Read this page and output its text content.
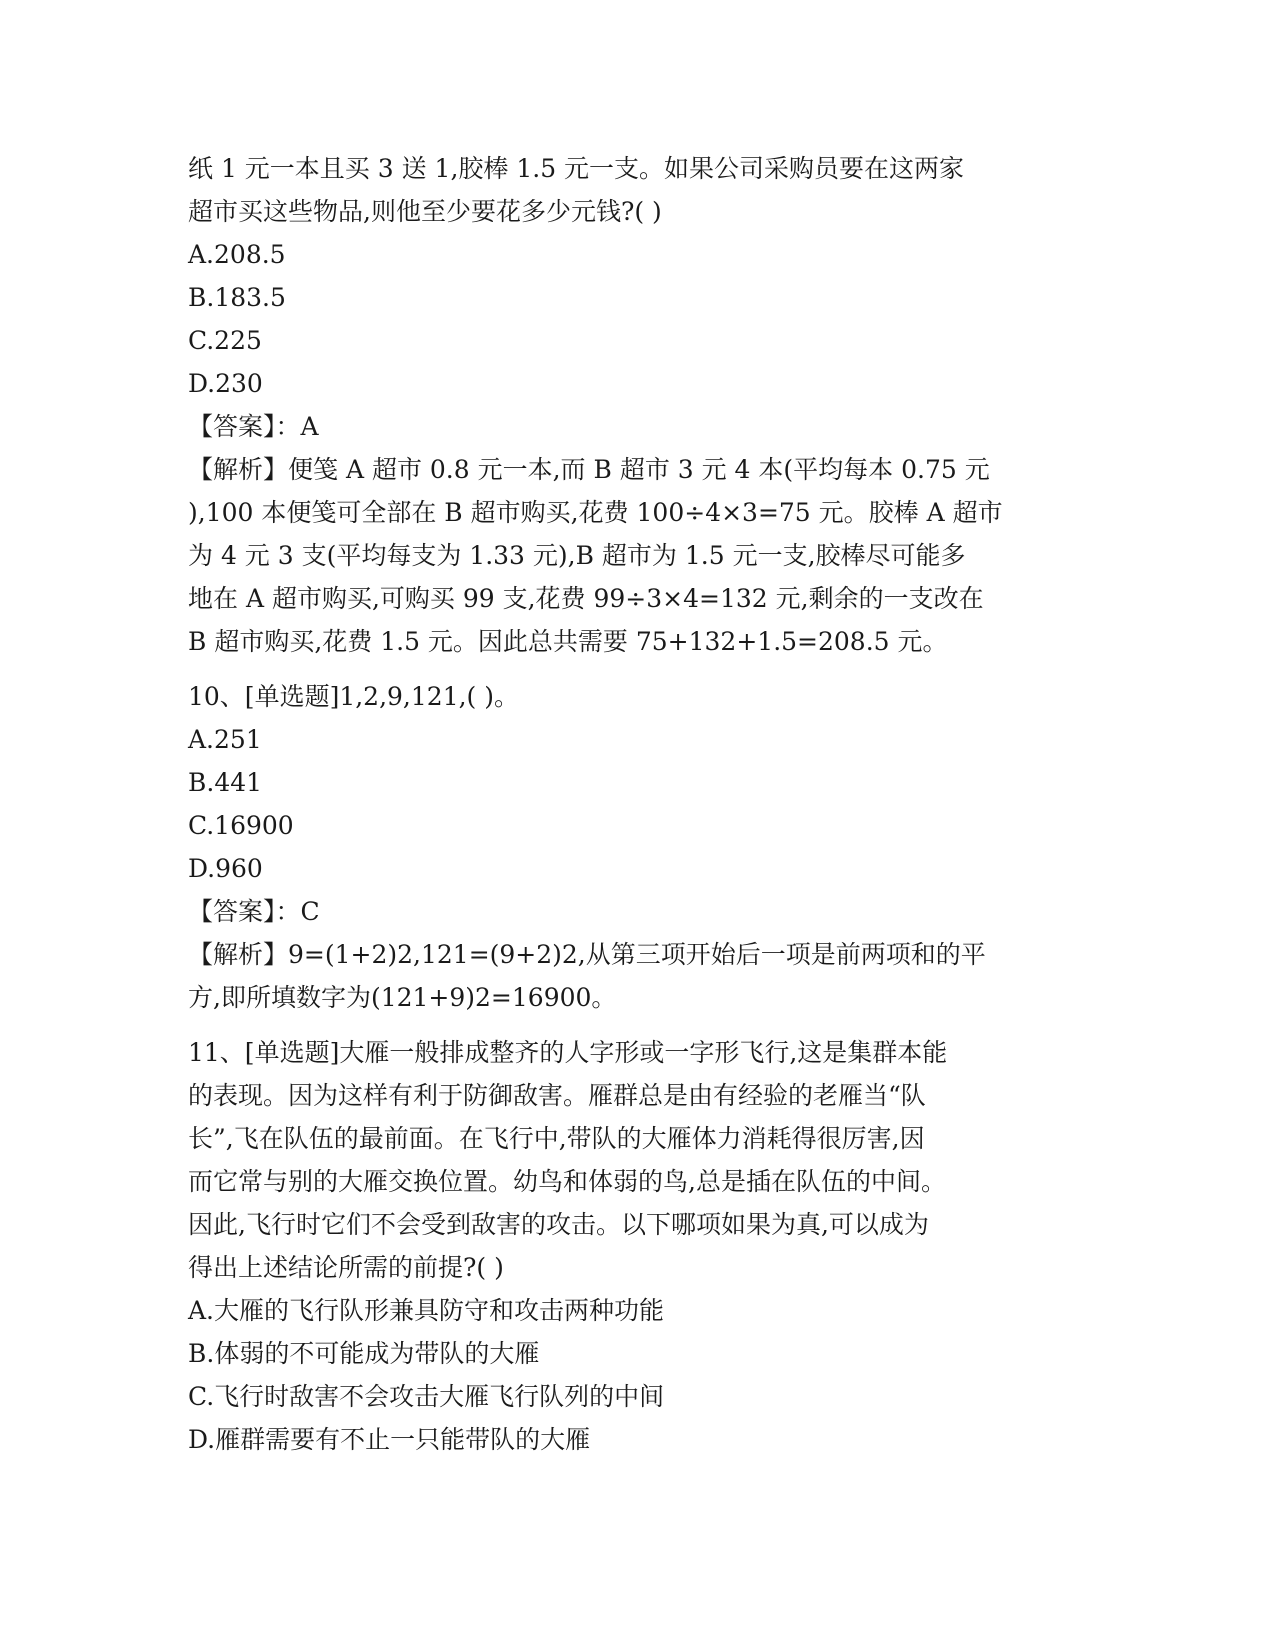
纸 1 元一本且买 3 送 1,胶棒 1.5 元一支。如果公司采购员要在这两家
超市买这些物品,则他至少要花多少元钱?( )
A.208.5
B.183.5
C.225
D.230
【答案】：A
【解析】便笺 A 超市 0.8 元一本,而 B 超市 3 元 4 本(平均每本 0.75 元
),100 本便笺可全部在 B 超市购买,花费 100÷4×3=75 元。胶棒 A 超市
为 4 元 3 支(平均每支为 1.33 元),B 超市为 1.5 元一支,胶棒尽可能多
地在 A 超市购买,可购买 99 支,花费 99÷3×4=132 元,剩余的一支改在
B 超市购买,花费 1.5 元。因此总共需要 75+132+1.5=208.5 元。
10、[单选题]1,2,9,121,( )。
A.251
B.441
C.16900
D.960
【答案】：C
【解析】9=(1+2)2,121=(9+2)2,从第三项开始后一项是前两项和的平
方,即所填数字为(121+9)2=16900。
11、[单选题]大雁一般排成整齐的人字形或一字形飞行,这是集群本能
的表现。因为这样有利于防御敌害。雁群总是由有经验的老雁当“队
长”,飞在队伍的最前面。在飞行中,带队的大雁体力消耗得很厉害,因
而它常与别的大雁交换位置。幼鸟和体弱的鸟,总是插在队伍的中间。
因此,飞行时它们不会受到敌害的攻击。以下哪项如果为真,可以成为
得出上述结论所需的前提?( )
A.大雁的飞行队形兼具防守和攻击两种功能
B.体弱的不可能成为带队的大雁
C.飞行时敌害不会攻击大雁飞行队列的中间
D.雁群需要有不止一只能带队的大雁
